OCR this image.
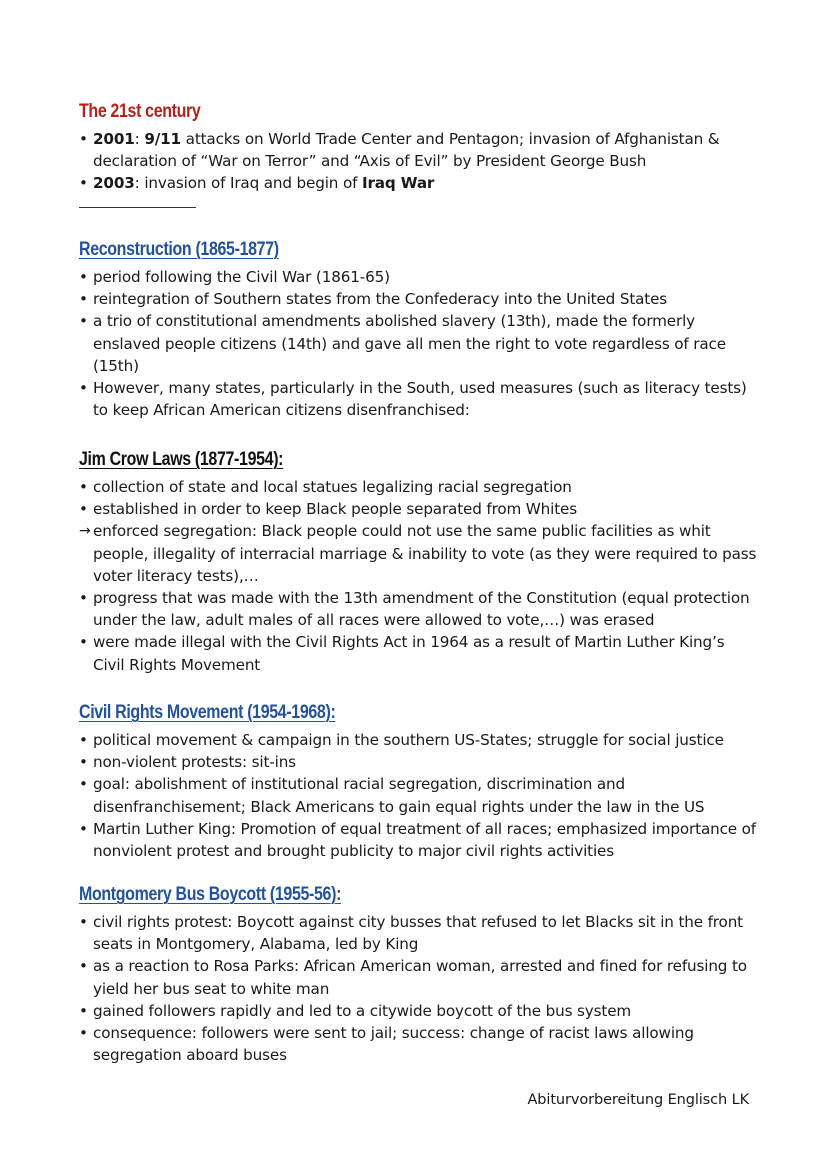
The 21st century
• 2001: 9/11 attacks on World Trade Center and Pentagon; invasion of Afghanistan & declaration of “War on Terror” and “Axis of Evil” by President George Bush
• 2003: invasion of Iraq and begin of Iraq War
Reconstruction (1865-1877)
• period following the Civil War (1861-65)
• reintegration of Southern states from the Confederacy into the United States
• a trio of constitutional amendments abolished slavery (13th), made the formerly enslaved people citizens (14th) and gave all men the right to vote regardless of race (15th)
• However, many states, particularly in the South, used measures (such as literacy tests) to keep African American citizens disenfranchised:
Jim Crow Laws (1877-1954):
• collection of state and local statues legalizing racial segregation
• established in order to keep Black people separated from Whites
→ enforced segregation: Black people could not use the same public facilities as whit people, illegality of interracial marriage & inability to vote (as they were required to pass voter literacy tests),…
• progress that was made with the 13th amendment of the Constitution (equal protection under the law, adult males of all races were allowed to vote,…) was erased
• were made illegal with the Civil Rights Act in 1964 as a result of Martin Luther King’s Civil Rights Movement
Civil Rights Movement (1954-1968):
• political movement & campaign in the southern US-States; struggle for social justice
• non-violent protests: sit-ins
• goal: abolishment of institutional racial segregation, discrimination and disenfranchisement; Black Americans to gain equal rights under the law in the US
• Martin Luther King: Promotion of equal treatment of all races; emphasized importance of nonviolent protest and brought publicity to major civil rights activities
Montgomery Bus Boycott (1955-56):
• civil rights protest: Boycott against city busses that refused to let Blacks sit in the front seats in Montgomery, Alabama, led by King
• as a reaction to Rosa Parks: African American woman, arrested and fined for refusing to yield her bus seat to white man
• gained followers rapidly and led to a citywide boycott of the bus system
• consequence: followers were sent to jail; success: change of racist laws allowing segregation aboard buses
Abiturvorbereitung Englisch LK
